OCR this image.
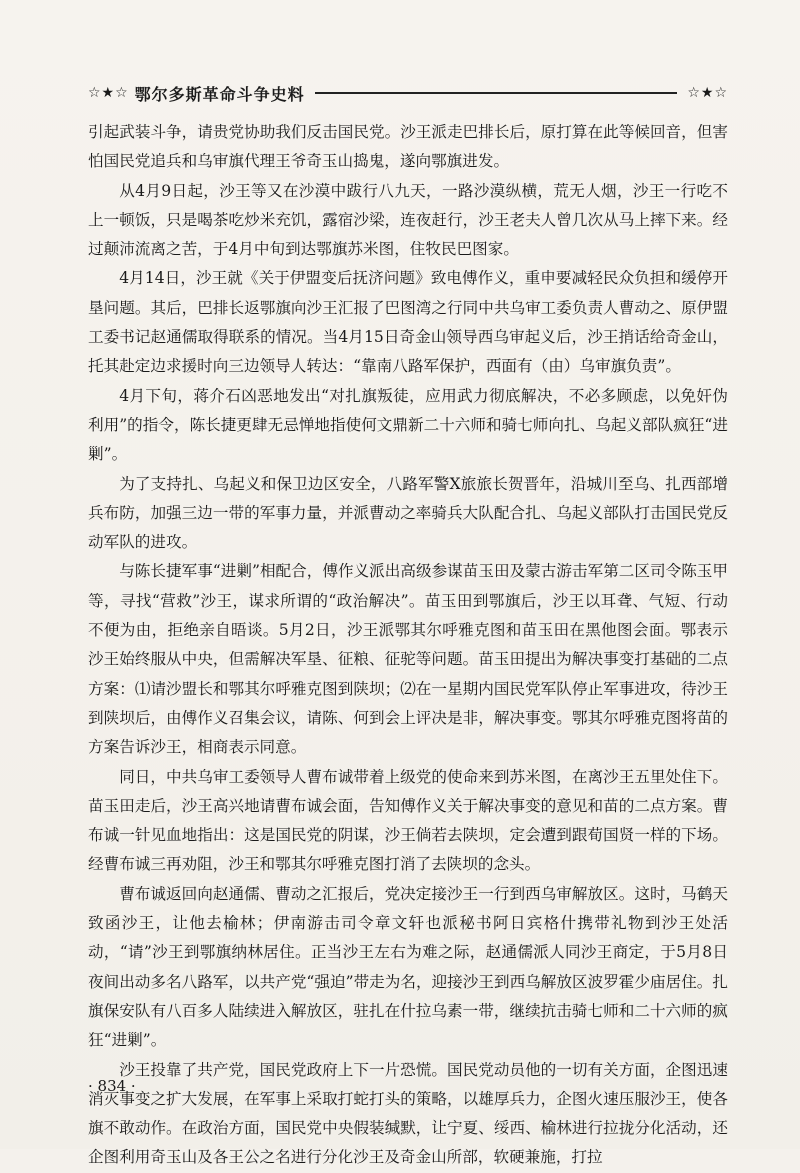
☆★☆ 鄂尔多斯革命斗争史料	☆★☆

引起武装斗争，请贵党协助我们反击国民党。沙王派走巴排长后，原打算在此等候回音，但害怕国民党追兵和乌审旗代理王爷奇玉山捣鬼，遂向鄂旗进发。

从4月9日起，沙王等又在沙漠中跋行八九天，一路沙漠纵横，荒无人烟，沙王一行吃不上一顿饭，只是喝茶吃炒米充饥，露宿沙梁，连夜赶行，沙王老夫人曾几次从马上摔下来。经过颠沛流离之苦，于4月中旬到达鄂旗苏米图，住牧民巴图家。

4月14日，沙王就《关于伊盟变后抚济问题》致电傅作义，重申要减轻民众负担和缓停开垦问题。其后，巴排长返鄂旗向沙王汇报了巴图湾之行同中共乌审工委负责人曹动之、原伊盟工委书记赵通儒取得联系的情况。当4月15日奇金山领导西乌审起义后，沙王捎话给奇金山，托其赴定边求援时向三边领导人转达：“靠南八路军保护，西面有（由）乌审旗负责”。

4月下旬，蒋介石凶恶地发出“对扎旗叛徒，应用武力彻底解决，不必多顾虑，以免奸伪利用”的指令，陈长捷更肆无忌惮地指使何文鼎新二十六师和骑七师向扎、乌起义部队疯狂“进剿”。

为了支持扎、乌起义和保卫边区安全，八路军警X旅旅长贺晋年，沿城川至乌、扎西部增兵布防，加强三边一带的军事力量，并派曹动之率骑兵大队配合扎、乌起义部队打击国民党反动军队的进攻。

与陈长捷军事“进剿”相配合，傅作义派出高级参谋苗玉田及蒙古游击军第二区司令陈玉甲等，寻找“营救”沙王，谋求所谓的“政治解决”。苗玉田到鄂旗后，沙王以耳聋、气短、行动不便为由，拒绝亲自晤谈。5月2日，沙王派鄂其尔呼雅克图和苗玉田在黑他图会面。鄂表示沙王始终服从中央，但需解决军垦、征粮、征驼等问题。苗玉田提出为解决事变打基础的二点方案：⑴请沙盟长和鄂其尔呼雅克图到陕坝；⑵在一星期内国民党军队停止军事进攻，待沙王到陕坝后，由傅作义召集会议，请陈、何到会上评决是非，解决事变。鄂其尔呼雅克图将苗的方案告诉沙王，相商表示同意。

同日，中共乌审工委领导人曹布诚带着上级党的使命来到苏米图，在离沙王五里处住下。苗玉田走后，沙王高兴地请曹布诚会面，告知傅作义关于解决事变的意见和苗的二点方案。曹布诚一针见血地指出：这是国民党的阴谋，沙王倘若去陕坝，定会遭到跟荀国贤一样的下场。经曹布诚三再劝阻，沙王和鄂其尔呼雅克图打消了去陕坝的念头。

曹布诚返回向赵通儒、曹动之汇报后，党决定接沙王一行到西乌审解放区。这时，马鹤天致函沙王，让他去榆林；伊南游击司令章文轩也派秘书阿日宾格什携带礼物到沙王处活动，“请”沙王到鄂旗纳林居住。正当沙王左右为难之际，赵通儒派人同沙王商定，于5月8日夜间出动多名八路军，以共产党“强迫”带走为名，迎接沙王到西乌解放区波罗霍少庙居住。扎旗保安队有八百多人陆续进入解放区，驻扎在什拉乌素一带，继续抗击骑七师和二十六师的疯狂“进剿”。

沙王投靠了共产党，国民党政府上下一片恐慌。国民党动员他的一切有关方面，企图迅速消灭事变之扩大发展，在军事上采取打蛇打头的策略，以雄厚兵力，企图火速压服沙王，使各旗不敢动作。在政治方面，国民党中央假装缄默，让宁夏、绥西、榆林进行拉拢分化活动，还企图利用奇玉山及各王公之名进行分化沙王及奇金山所部，软硬兼施，打拉

· 834 ·
